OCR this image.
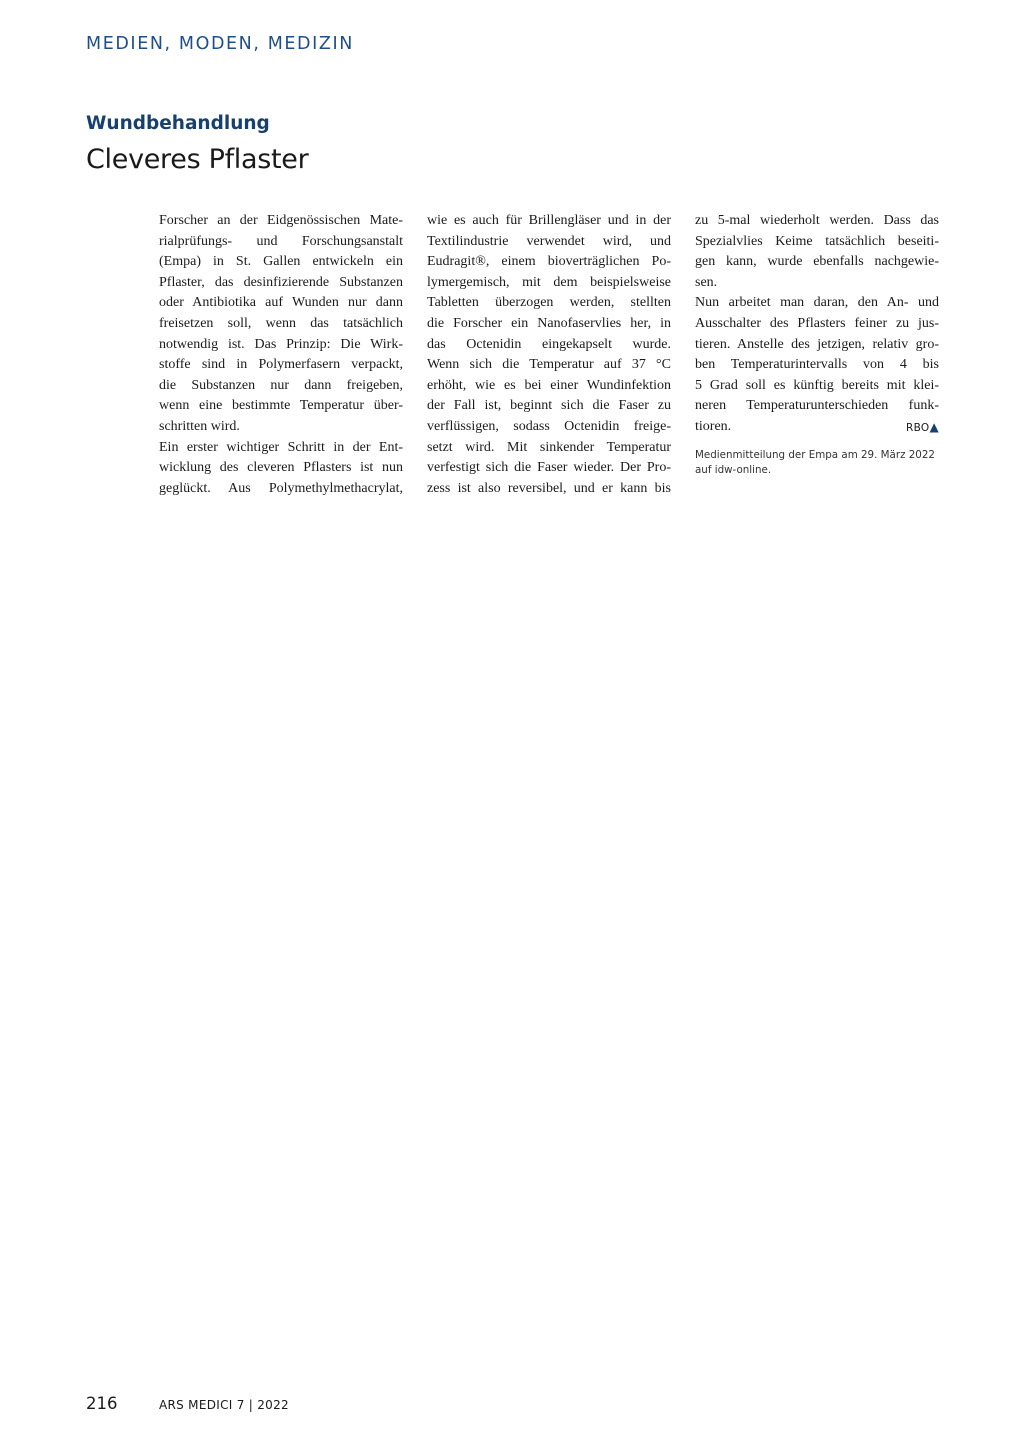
MEDIEN, MODEN, MEDIZIN
Wundbehandlung
Cleveres Pflaster
Forscher an der Eidgenössischen Mate-
rialprüfungs- und Forschungsanstalt
(Empa) in St. Gallen entwickeln ein
Pflaster, das desinfizierende Substanzen
oder Antibiotika auf Wunden nur dann
freisetzen soll, wenn das tatsächlich
notwendig ist. Das Prinzip: Die Wirk-
stoffe sind in Polymerfasern verpackt,
die Substanzen nur dann freigeben,
wenn eine bestimmte Temperatur über-
schritten wird.
Ein erster wichtiger Schritt in der Ent-
wicklung des cleveren Pflasters ist nun
geglückt. Aus Polymethylmethacrylat,
wie es auch für Brillengläser und in der
Textilindustrie verwendet wird, und
Eudragit®, einem bioverträglichen Po-
lymergemisch, mit dem beispielsweise
Tabletten überzogen werden, stellten
die Forscher ein Nanofaservlies her, in
das Octenidin eingekapselt wurde.
Wenn sich die Temperatur auf 37 °C
erhöht, wie es bei einer Wundinfektion
der Fall ist, beginnt sich die Faser zu
verflüssigen, sodass Octenidin freige-
setzt wird. Mit sinkender Temperatur
verfestigt sich die Faser wieder. Der Pro-
zess ist also reversibel, und er kann bis
zu 5-mal wiederholt werden. Dass das
Spezialvlies Keime tatsächlich beseiti-
gen kann, wurde ebenfalls nachgewie-
sen.
Nun arbeitet man daran, den An- und
Ausschalter des Pflasters feiner zu jus-
tieren. Anstelle des jetzigen, relativ gro-
ben Temperaturintervalls von 4 bis
5 Grad soll es künftig bereits mit klei-
neren Temperaturunterschieden funk-
tioren.	RBO▲
Medienmitteilung der Empa am 29. März 2022
auf idw-online.
216	ARS MEDICI 7 | 2022
